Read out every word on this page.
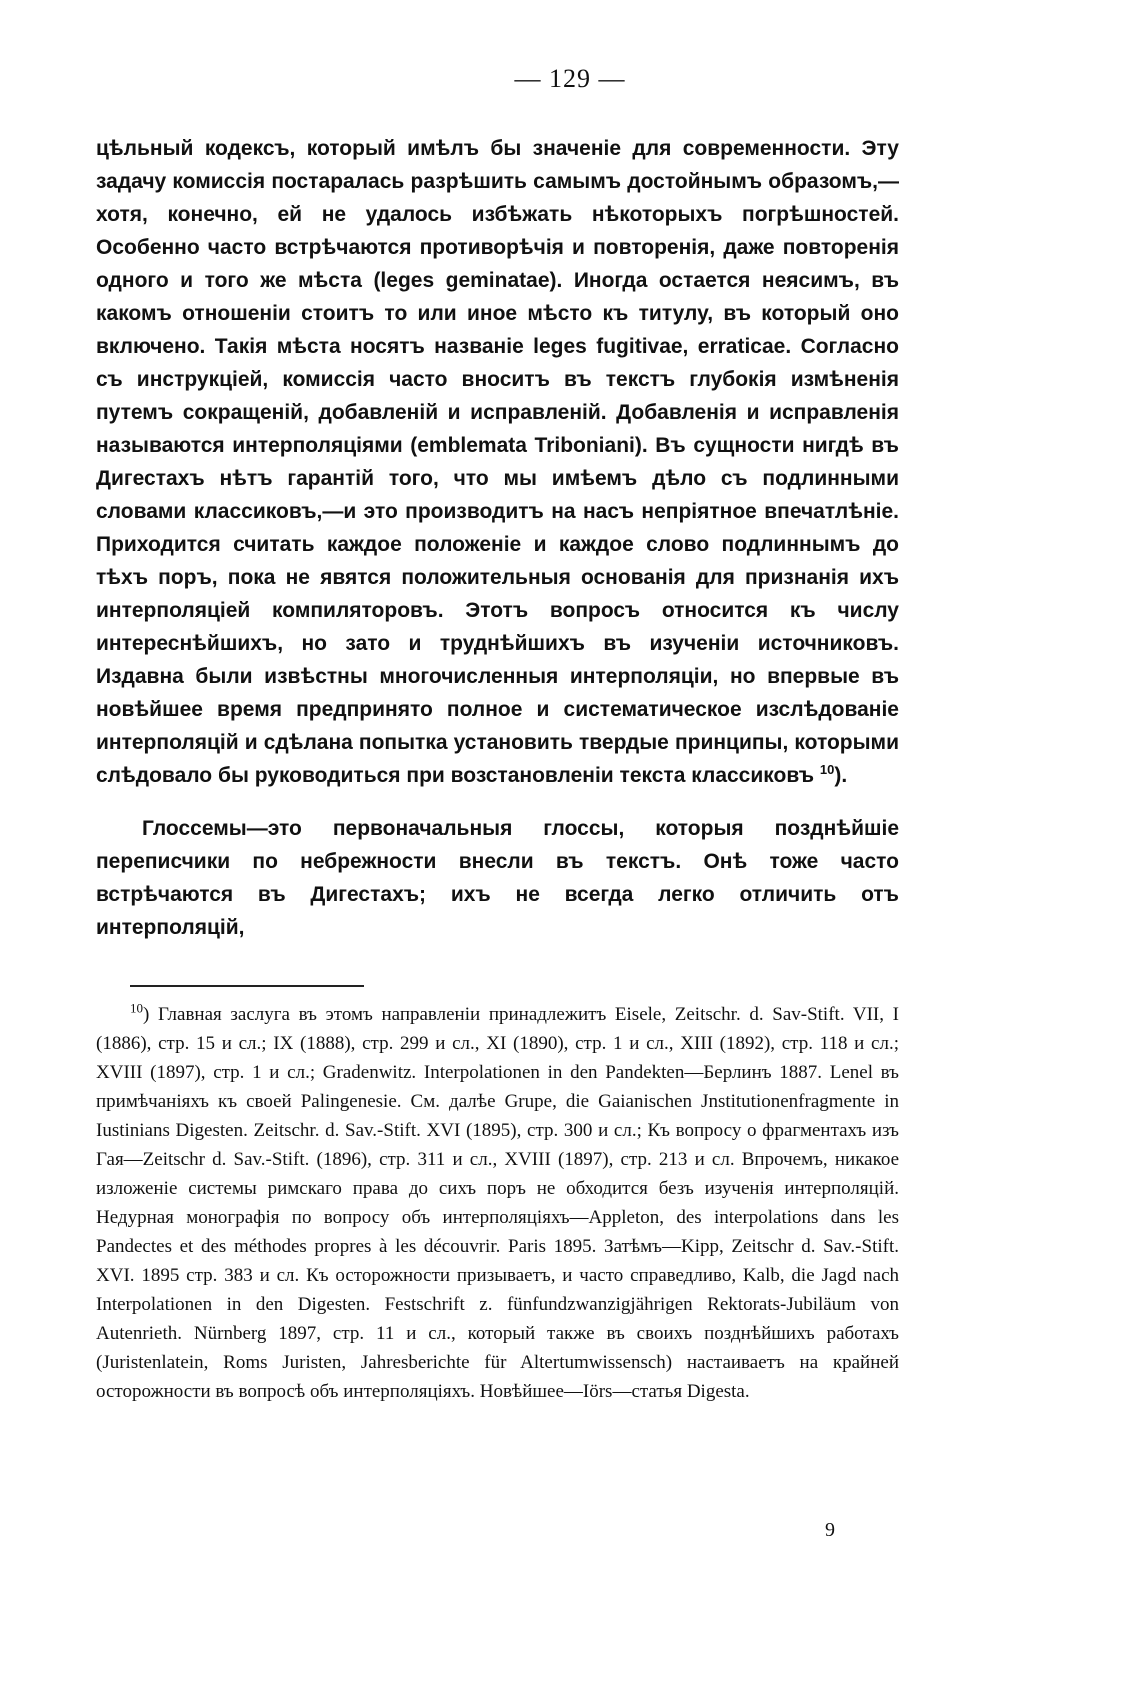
— 129 —

цѣльный кодексъ, который имѣлъ бы значеніе для современности. Эту задачу комиссія постаралась разрѣшить самымъ достойнымъ образомъ,—хотя, конечно, ей не удалось избѣжать нѣкоторыхъ погрѣшностей. Особенно часто встрѣчаются противорѣчія и повторенія, даже повторенія одного и того же мѣста (leges geminatae). Иногда остается неясимъ, въ какомъ отношеніи стоитъ то или иное мѣсто къ титулу, въ который оно включено. Такія мѣста носятъ названіе leges fugitivae, erraticae. Согласно съ инструкціей, комиссія часто вноситъ въ текстъ глубокія измѣненія путемъ сокращеній, добавленій и исправленій. Добавленія и исправленія называются интерполяціями (emblemata Triboniani). Въ сущности нигдѣ въ Дигестахъ нѣтъ гарантій того, что мы имѣемъ дѣло съ подлинными словами классиковъ,—и это производитъ на насъ непріятное впечатлѣніе. Приходится считать каждое положеніе и каждое слово подлиннымъ до тѣхъ поръ, пока не явятся положительныя основанія для признанія ихъ интерполяціей компиляторовъ. Этотъ вопросъ относится къ числу интереснѣйшихъ, но зато и труднѣйшихъ въ изученіи источниковъ. Издавна были извѣстны многочисленныя интерполяціи, но впервые въ новѣйшее время предпринято полное и систематическое изслѣдованіе интерполяцій и сдѣлана попытка установить твердые принципы, которыми слѣдовало бы руководиться при возстановленіи текста классиковъ $^{10}$).

Глоссемы—это первоначальныя глоссы, которыя позднѣйшіе переписчики по небрежности внесли въ текстъ. Онѣ тоже часто встрѣчаются въ Дигестахъ; ихъ не всегда легко отличить отъ интерполяцій,

$^{10}$) Главная заслуга въ этомъ направленіи принадлежитъ Eisele, Zeitschr. d. Sav-Stift. VII, I (1886), стр. 15 и сл.; IX (1888), стр. 299 и сл., XI (1890), стр. 1 и сл., XIII (1892), стр. 118 и сл.; XVIII (1897), стр. 1 и сл.; Gradenwitz. Interpolationen in den Pandekten—Берлинъ 1887. Lenel въ примѣчаніяхъ къ своей Palingenesie. См. далѣе Grupe, die Gaianischen Jnstitutionenfragmente in Iustinians Digesten. Zeitschr. d. Sav.-Stift. XVI (1895), стр. 300 и сл.; Къ вопросу о фрагментахъ изъ Гая—Zeitschr d. Sav.-Stift. (1896), стр. 311 и сл., XVIII (1897), стр. 213 и сл. Впрочемъ, никакое изложеніе системы римскаго права до сихъ поръ не обходится безъ изученія интерполяцій. Недурная монографія по вопросу объ интерполяціяхъ—Appleton, des interpolations dans les Pandectes et des méthodes propres à les découvrir. Paris 1895. Затѣмъ—Kipp, Zeitschr d. Sav.-Stift. XVI. 1895 стр. 383 и сл. Къ осторожности призываетъ, и часто справедливо, Kalb, die Jagd nach Interpolationen in den Digesten. Festschrift z. fünfundzwanzigjährigen Rektorats-Jubiläum von Autenrieth. Nürnberg 1897, стр. 11 и сл., который также въ своихъ позднѣйшихъ работахъ (Juristenlatein, Roms Juristen, Jahresberichte für Altertumwissensch) настаиваетъ на крайней осторожности въ вопросѣ объ интерполяціяхъ. Новѣйшее—Iörs—статья Digesta.

9
